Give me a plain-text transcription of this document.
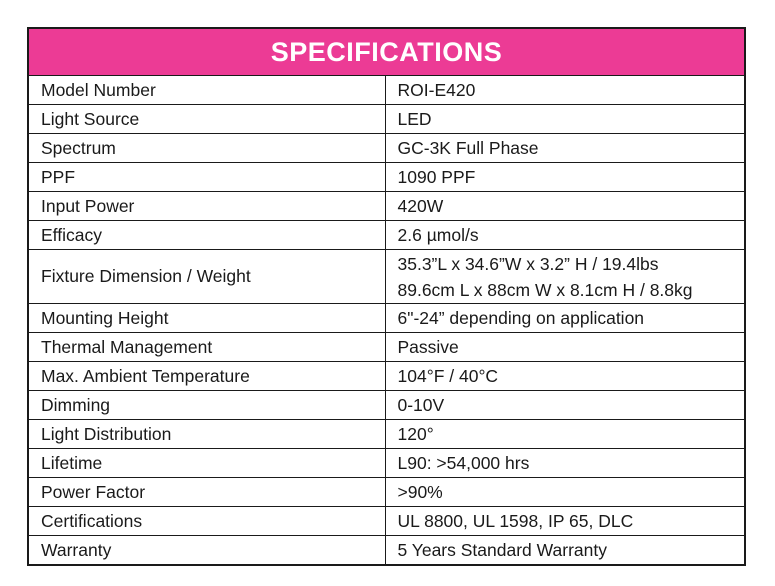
SPECIFICATIONS	
Model Number	ROI-E420
Light Source	LED
Spectrum	GC-3K Full Phase
PPF	1090 PPF
Input Power	420W
Efficacy	2.6 µmol/s
Fixture Dimension / Weight	35.3”L x 34.6”W x 3.2” H / 19.4lbs
89.6cm L x 88cm W x 8.1cm H / 8.8kg

Mounting Height	6"-24” depending on application
Thermal Management	Passive
Max. Ambient Temperature	104°F / 40°C
Dimming	0-10V
Light Distribution	120°
Lifetime	L90: >54,000 hrs
Power Factor	>90%
Certifications	UL 8800, UL 1598, IP 65, DLC
Warranty	5 Years Standard Warranty
